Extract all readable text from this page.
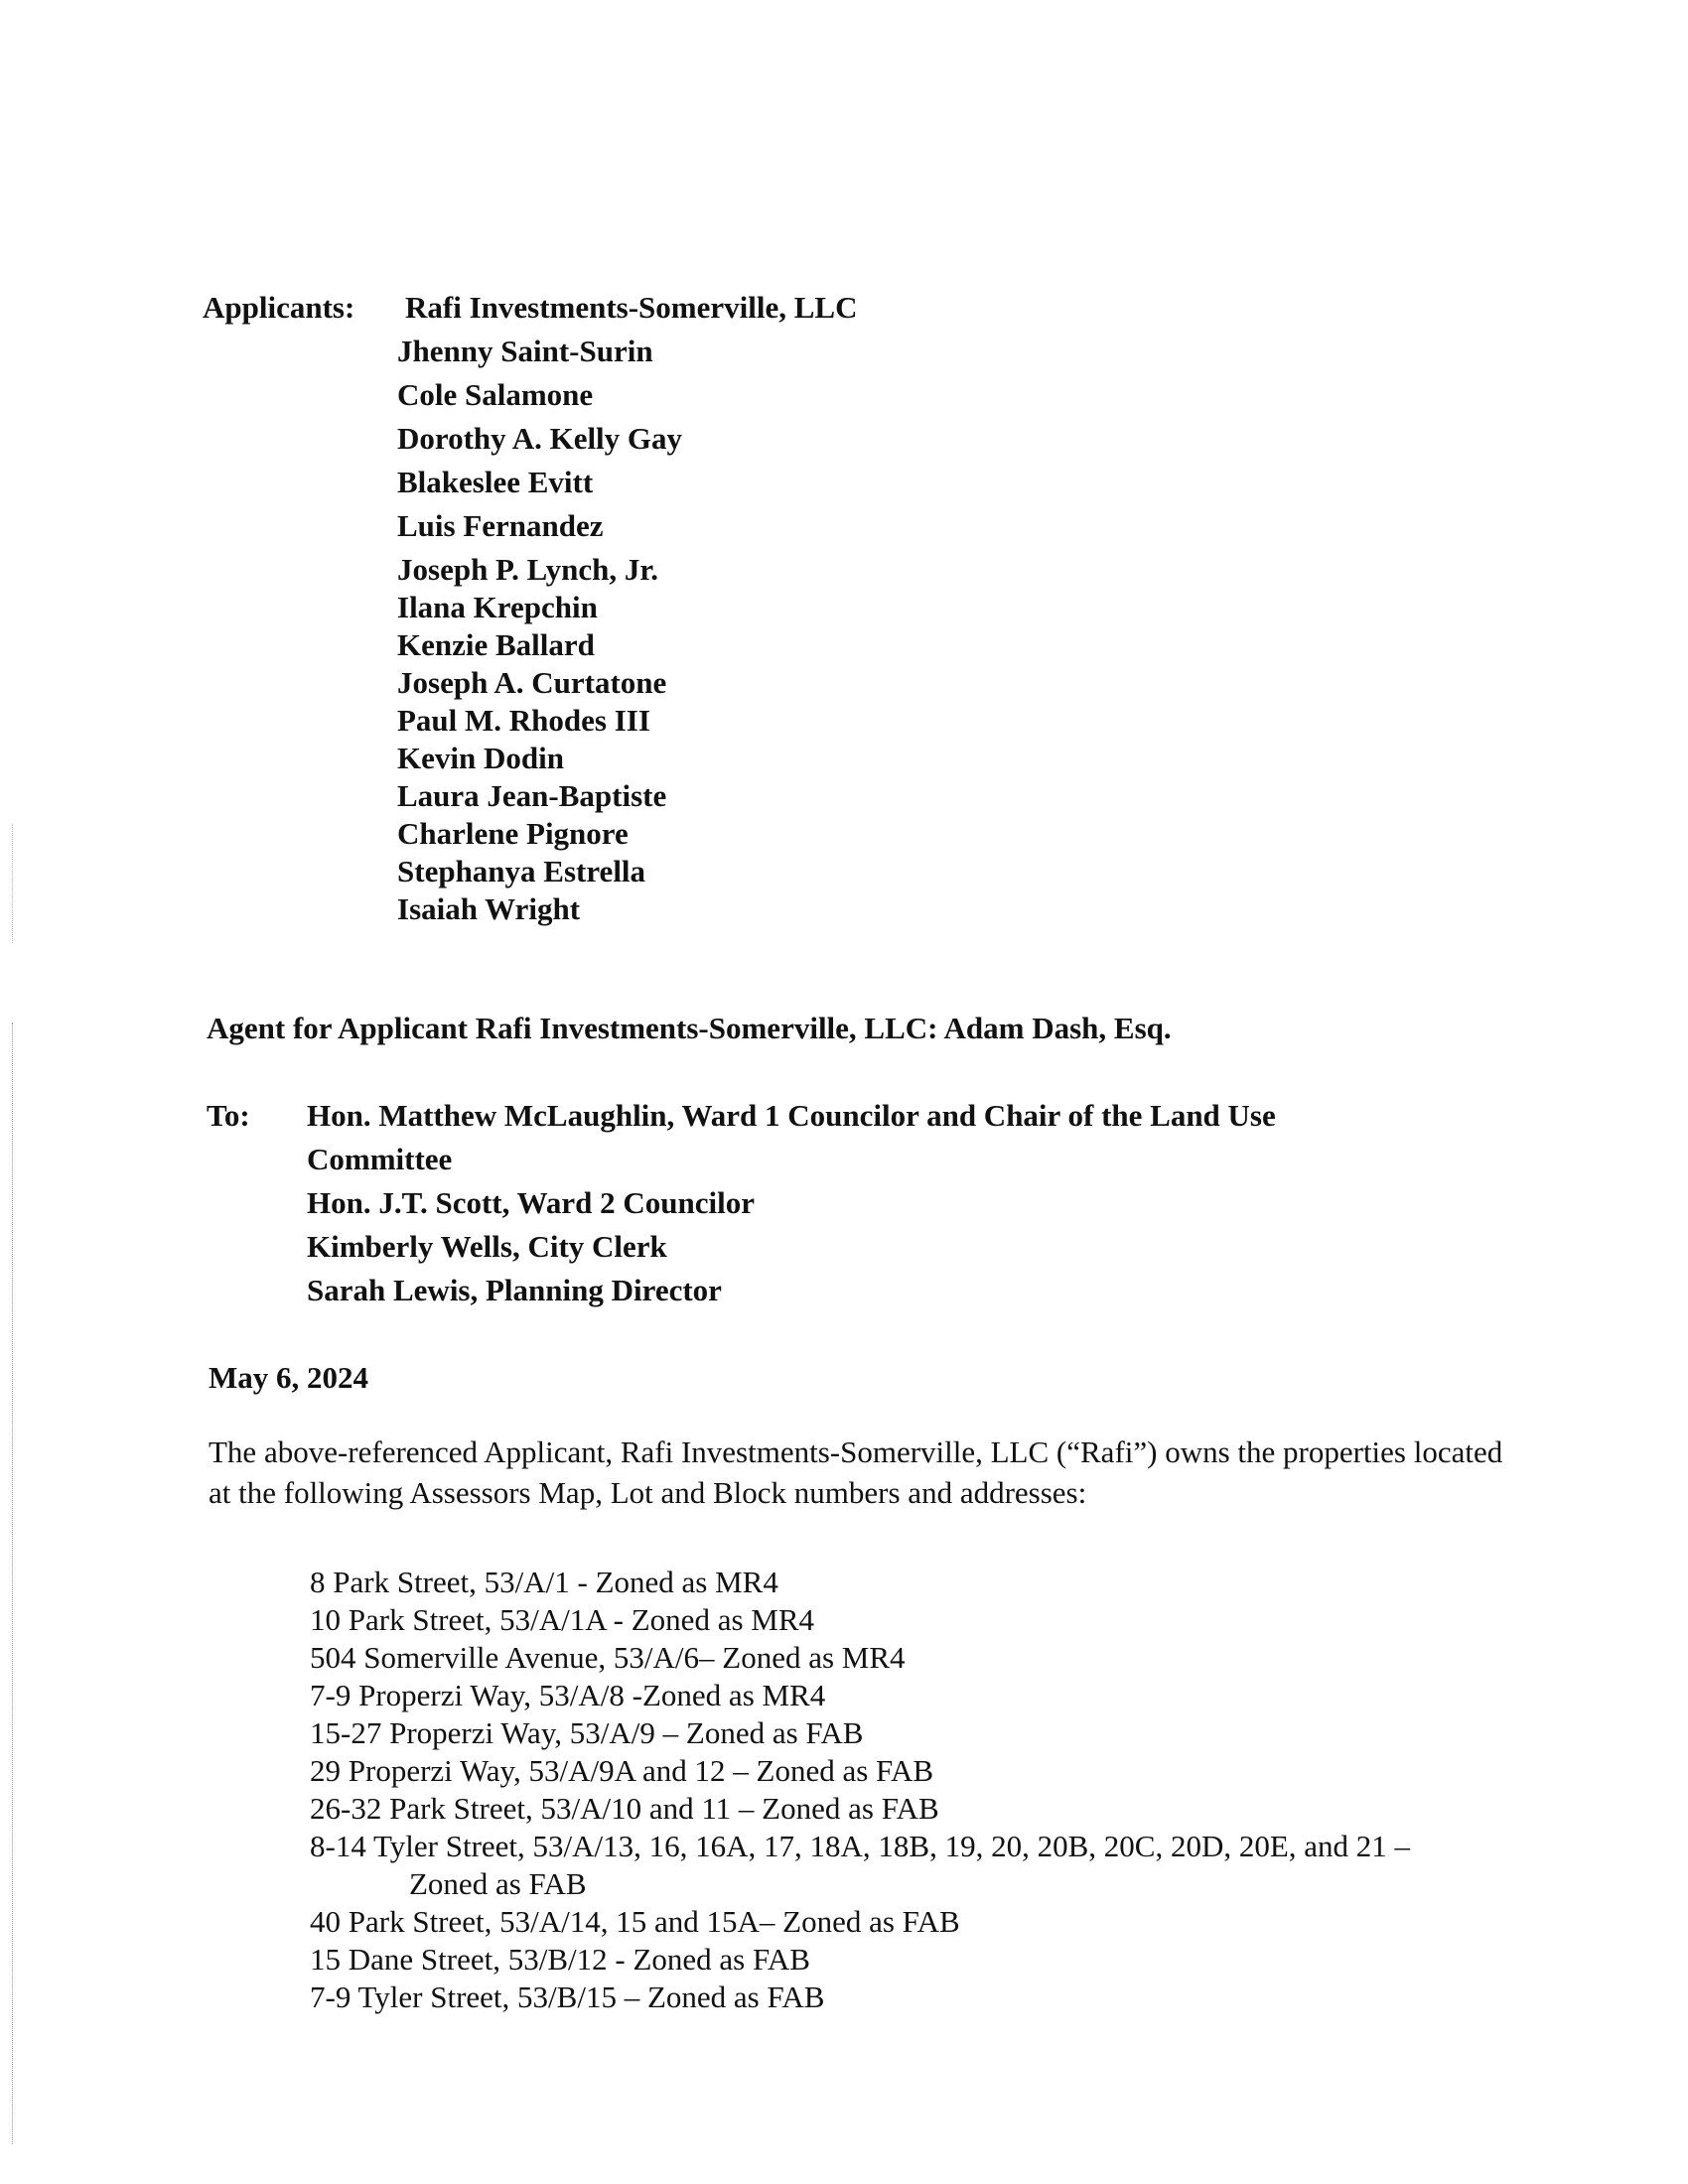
Applicants: Rafi Investments-Somerville, LLC
Jhenny Saint-Surin
Cole Salamone
Dorothy A. Kelly Gay
Blakeslee Evitt
Luis Fernandez
Joseph P. Lynch, Jr.
Ilana Krepchin
Kenzie Ballard
Joseph A. Curtatone
Paul M. Rhodes III
Kevin Dodin
Laura Jean-Baptiste
Charlene Pignore
Stephanya Estrella
Isaiah Wright
Agent for Applicant Rafi Investments-Somerville, LLC: Adam Dash, Esq.
To: Hon. Matthew McLaughlin, Ward 1 Councilor and Chair of the Land Use
Committee
Hon. J.T. Scott, Ward 2 Councilor
Kimberly Wells, City Clerk
Sarah Lewis, Planning Director
May 6, 2024

The above-referenced Applicant, Rafi Investments-Somerville, LLC (“Rafi”) owns the properties located at the following Assessors Map, Lot and Block numbers and addresses:

8 Park Street, 53/A/1 - Zoned as MR4
10 Park Street, 53/A/1A - Zoned as MR4
504 Somerville Avenue, 53/A/6– Zoned as MR4
7-9 Properzi Way, 53/A/8 -Zoned as MR4
15-27 Properzi Way, 53/A/9 – Zoned as FAB
29 Properzi Way, 53/A/9A and 12 – Zoned as FAB
26-32 Park Street, 53/A/10 and 11 – Zoned as FAB
8-14 Tyler Street, 53/A/13, 16, 16A, 17, 18A, 18B, 19, 20, 20B, 20C, 20D, 20E, and 21 –
Zoned as FAB
40 Park Street, 53/A/14, 15 and 15A– Zoned as FAB
15 Dane Street, 53/B/12 - Zoned as FAB
7-9 Tyler Street, 53/B/15 – Zoned as FAB
